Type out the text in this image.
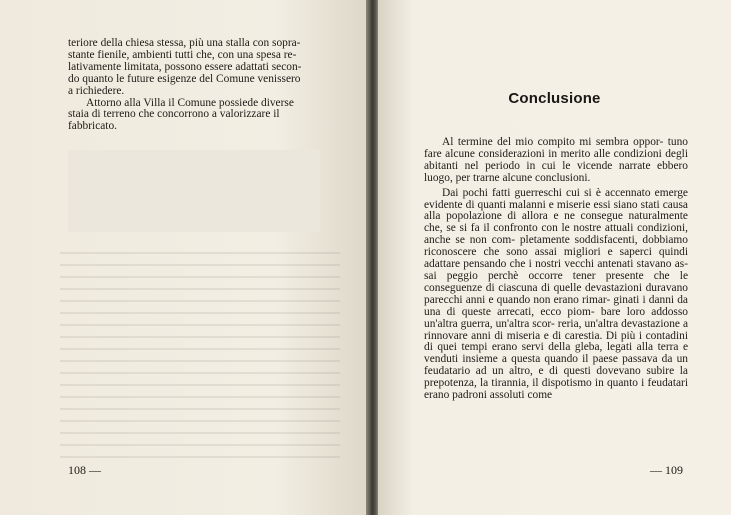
teriore della chiesa stessa, più una stalla con sopra-

stante fienile, ambienti tutti che, con una spesa re-

lativamente limitata, possono essere adattati secon-

do quanto le future esigenze del Comune venissero

a richiedere.

Attorno alla Villa il Comune possiede diverse

staia di terreno che concorrono a valorizzare il

fabbricato.

108 —
Conclusione

Al termine del mio compito mi sembra oppor- tuno fare alcune considerazioni in merito alle condizioni degli abitanti nel periodo in cui le vicende narrate ebbero luogo, per trarne alcune conclusioni.

Dai pochi fatti guerreschi cui si è accennato emerge evidente di quanti malanni e miserie essi siano stati causa alla popolazione di allora e ne consegue naturalmente che, se si fa il confronto con le nostre attuali condizioni, anche se non com- pletamente soddisfacenti, dobbiamo riconoscere che sono assai migliori e saperci quindi adattare pensando che i nostri vecchi antenati stavano as- sai peggio perchè occorre tener presente che le conseguenze di ciascuna di quelle devastazioni duravano parecchi anni e quando non erano rimar- ginati i danni da una di queste arrecati, ecco piom- bare loro addosso un'altra guerra, un'altra scor- reria, un'altra devastazione a rinnovare anni di miseria e di carestia. Di più i contadini di quei tempi erano servi della gleba, legati alla terra e venduti insieme a questa quando il paese passava da un feudatario ad un altro, e di questi dovevano subire la prepotenza, la tirannia, il dispotismo in quanto i feudatari erano padroni assoluti come

— 109
